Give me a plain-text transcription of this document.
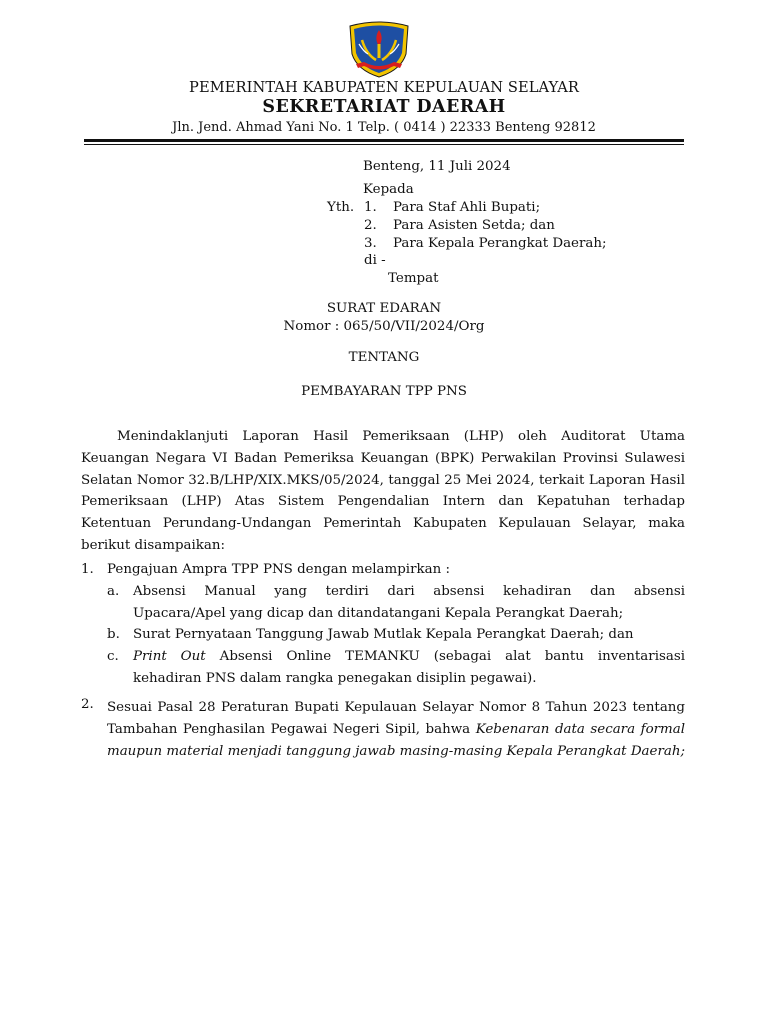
PEMERINTAH KABUPATEN KEPULAUAN SELAYAR
SEKRETARIAT DAERAH
Jln. Jend. Ahmad Yani No. 1 Telp. ( 0414 ) 22333 Benteng 92812
Benteng, 11 Juli 2024
Kepada
Yth. 1. Para Staf Ahli Bupati;
2. Para Asisten Setda; dan
3. Para Kepala Perangkat Daerah;
di -
Tempat
SURAT EDARAN
Nomor : 065/50/VII/2024/Org
TENTANG
PEMBAYARAN TPP PNS
Menindaklanjuti Laporan Hasil Pemeriksaan (LHP) oleh Auditorat Utama Keuangan Negara VI Badan Pemeriksa Keuangan (BPK) Perwakilan Provinsi Sulawesi Selatan Nomor 32.B/LHP/XIX.MKS/05/2024, tanggal 25 Mei 2024, terkait Laporan Hasil Pemeriksaan (LHP) Atas Sistem Pengendalian Intern dan Kepatuhan terhadap Ketentuan Perundang-Undangan Pemerintah Kabupaten Kepulauan Selayar, maka berikut disampaikan:
1. Pengajuan Ampra TPP PNS dengan melampirkan :
a. Absensi Manual yang terdiri dari absensi kehadiran dan absensi
Upacara/Apel yang dicap dan ditandatangani Kepala Perangkat Daerah;
b. Surat Pernyataan Tanggung Jawab Mutlak Kepala Perangkat Daerah; dan
c. Print Out Absensi Online TEMANKU (sebagai alat bantu inventarisasi
kehadiran PNS dalam rangka penegakan disiplin pegawai).
2. Sesuai Pasal 28 Peraturan Bupati Kepulauan Selayar Nomor 8 Tahun 2023 tentang Tambahan Penghasilan Pegawai Negeri Sipil, bahwa Kebenaran data secara formal maupun material menjadi tanggung jawab masing-masing Kepala Perangkat Daerah;
